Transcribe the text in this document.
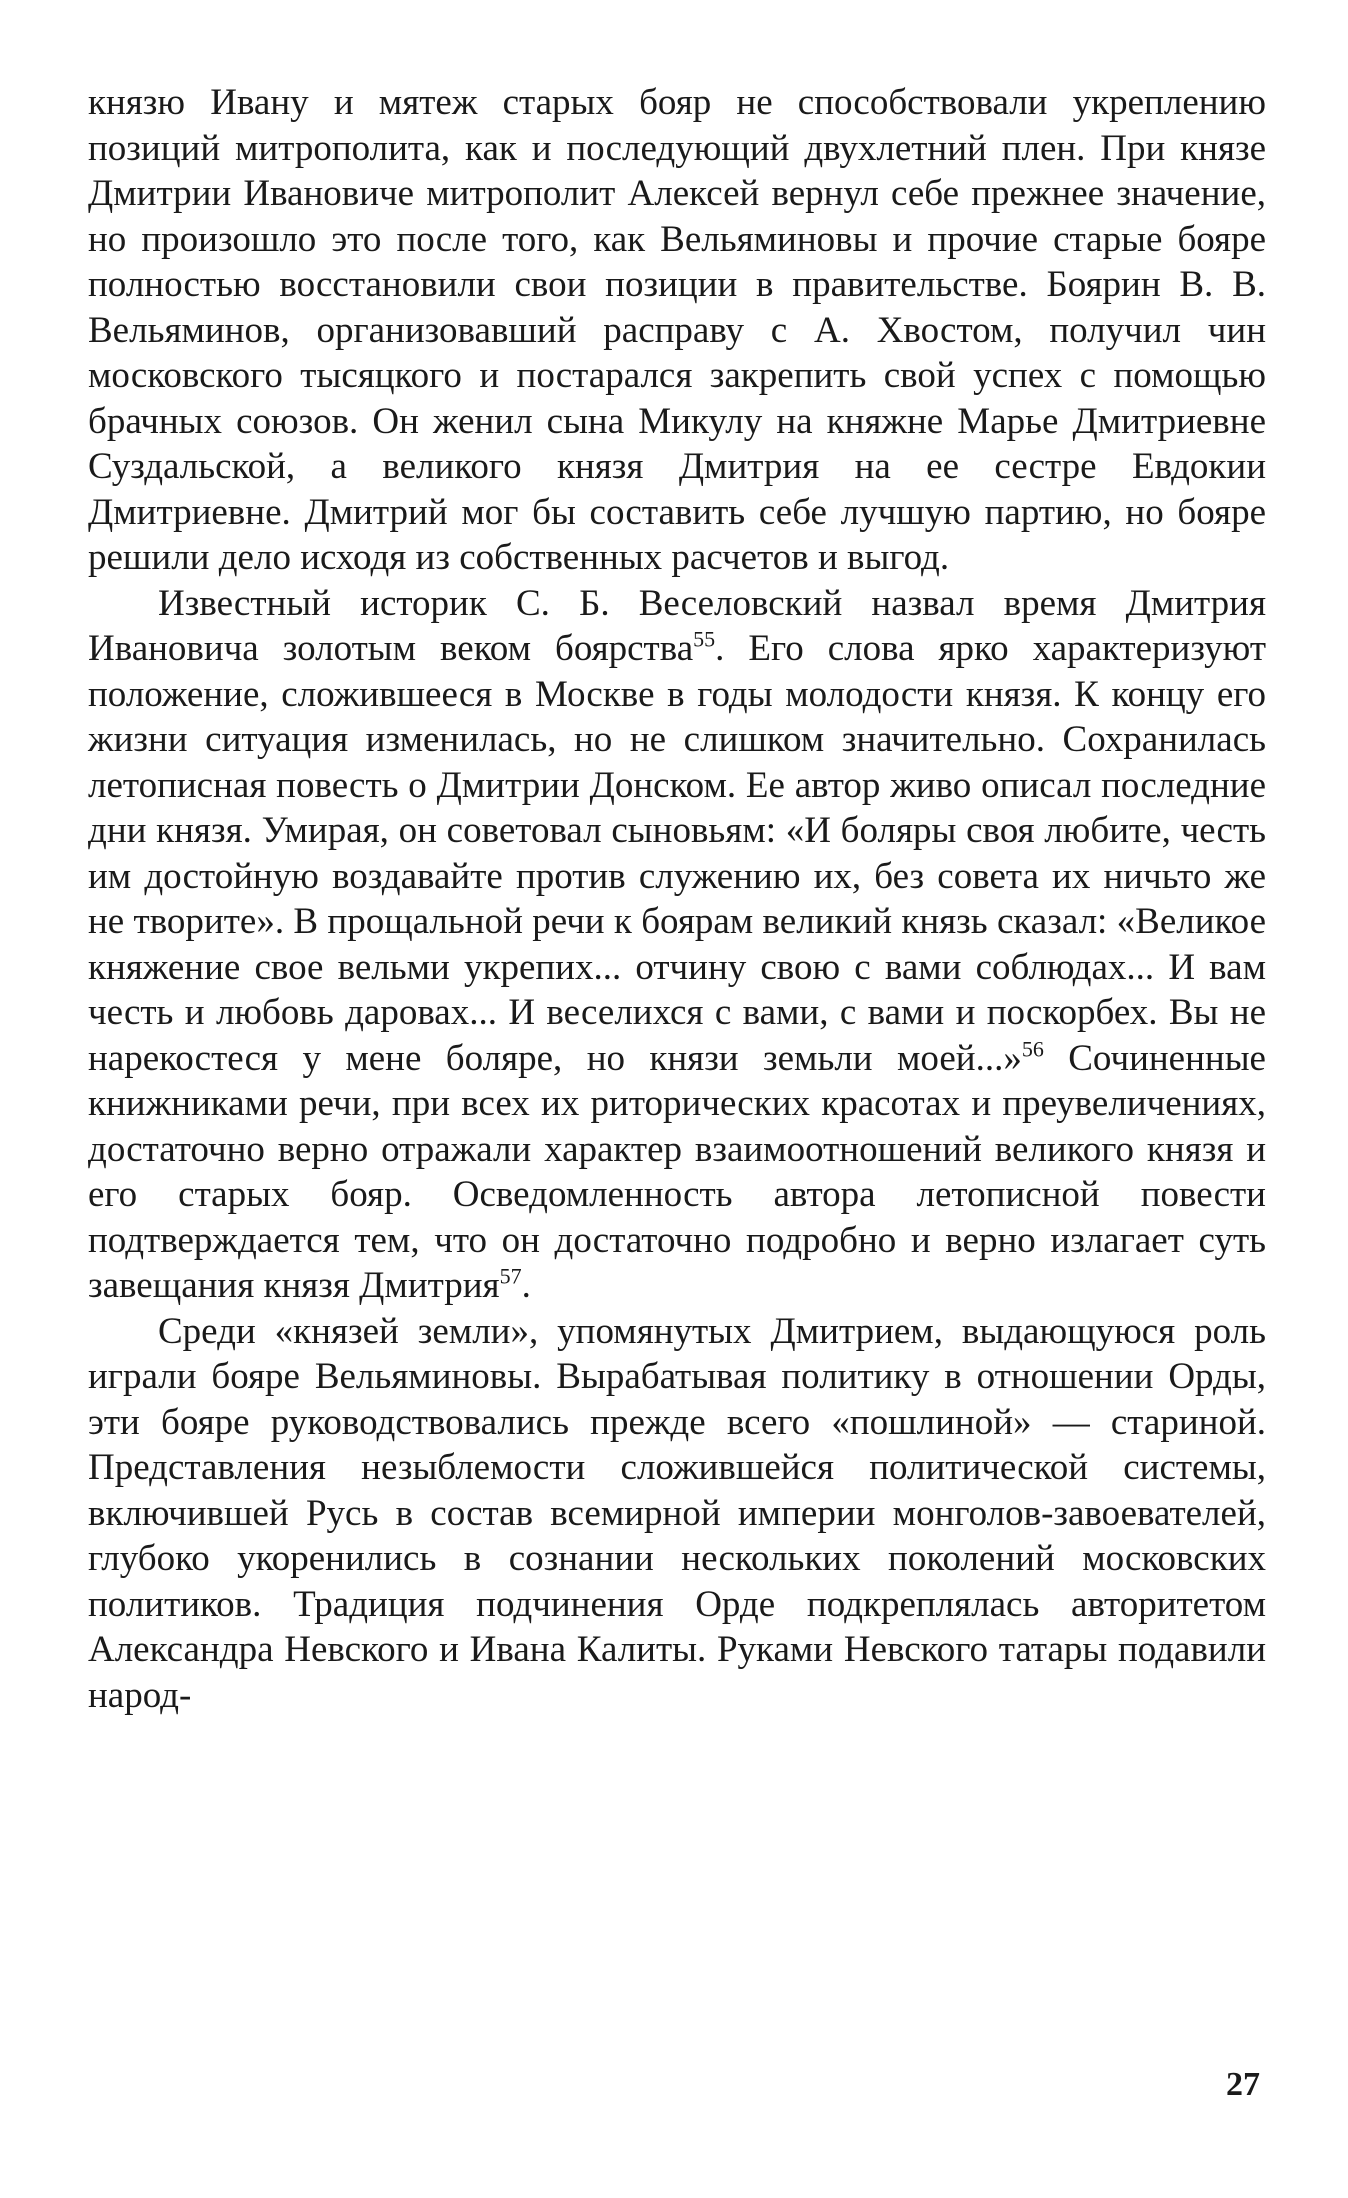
князю Ивану и мятеж старых бояр не способствовали укреплению позиций митрополита, как и последующий двухлетний плен. При князе Дмитрии Ивановиче митрополит Алексей вернул себе прежнее значение, но произошло это после того, как Вельяминовы и прочие старые бояре полностью восстановили свои позиции в правительстве. Боярин В. В. Вельяминов, организовавший расправу с А. Хвостом, получил чин московского тысяцкого и постарался закрепить свой успех с помощью брачных союзов. Он женил сына Микулу на княжне Марье Дмитриевне Суздальской, а великого князя Дмитрия на ее сестре Евдокии Дмитриевне. Дмитрий мог бы составить себе лучшую партию, но бояре решили дело исходя из собственных расчетов и выгод.

Известный историк С. Б. Веселовский назвал время Дмитрия Ивановича золотым веком боярства$^{55}$. Его слова ярко характеризуют положение, сложившееся в Москве в годы молодости князя. К концу его жизни ситуация изменилась, но не слишком значительно. Сохранилась летописная повесть о Дмитрии Донском. Ее автор живо описал последние дни князя. Умирая, он советовал сыновьям: «И боляры своя любите, честь им достойную воздавайте против служению их, без совета их ничьто же не творите». В прощальной речи к боярам великий князь сказал: «Великое княжение свое вельми укрепих... отчину свою с вами соблюдах... И вам честь и любовь даровах... И веселихся с вами, с вами и поскорбех. Вы не нарекостеся у мене боляре, но князи земьли моей...»$^{56}$ Сочиненные книжниками речи, при всех их риторических красотах и преувеличениях, достаточно верно отражали характер взаимоотношений великого князя и его старых бояр. Осведомленность автора летописной повести подтверждается тем, что он достаточно подробно и верно излагает суть завещания князя Дмитрия$^{57}$.

Среди «князей земли», упомянутых Дмитрием, выдающуюся роль играли бояре Вельяминовы. Вырабатывая политику в отношении Орды, эти бояре руководствовались прежде всего «пошлиной» — стариной. Представления незыблемости сложившейся политической системы, включившей Русь в состав всемирной империи монголов-завоевателей, глубоко укоренились в сознании нескольких поколений московских политиков. Традиция подчинения Орде подкреплялась авторитетом Александра Невского и Ивана Калиты. Руками Невского татары подавили народ-

27
